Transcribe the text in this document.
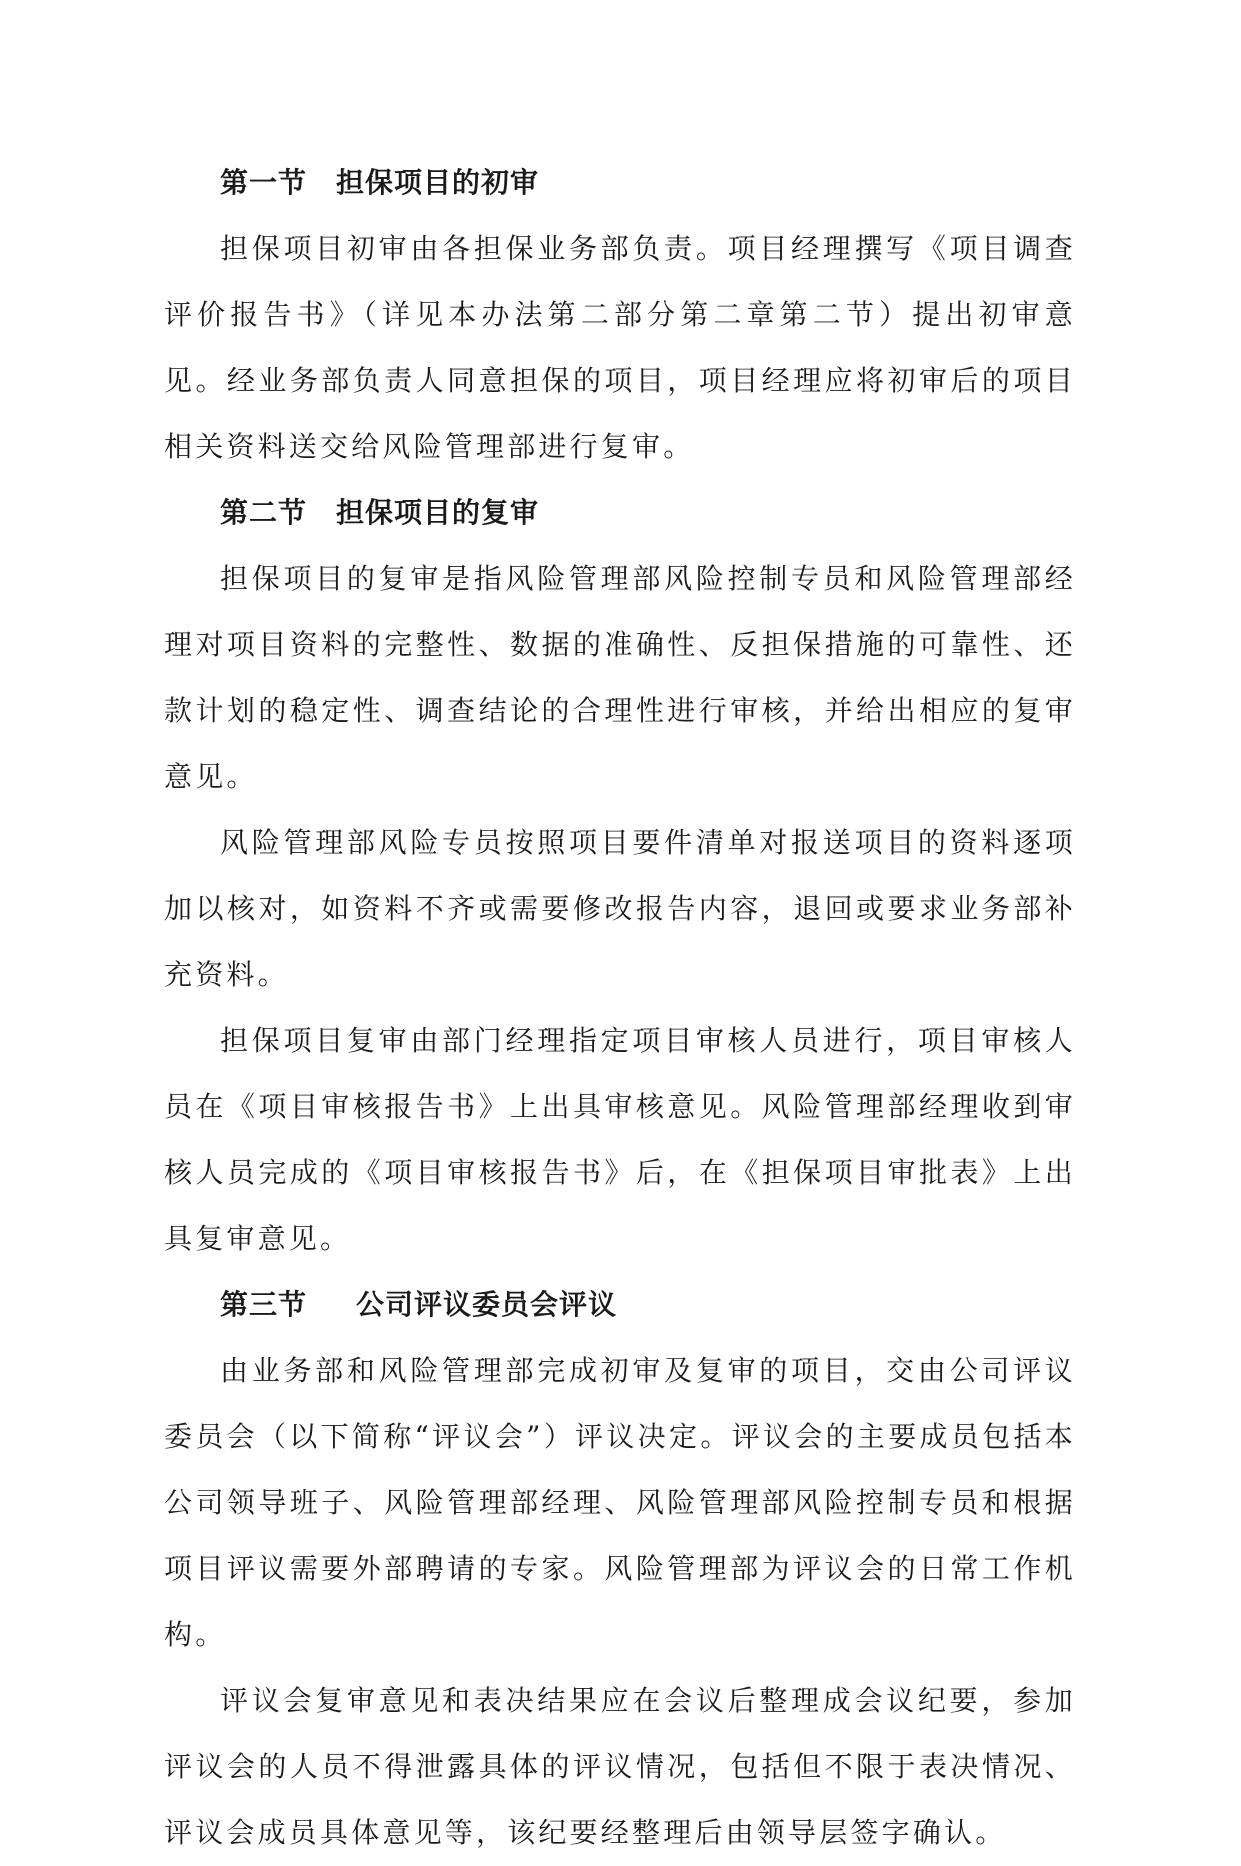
第一节 担保项目的初审

担保项目初审由各担保业务部负责。项目经理撰写《项目调查评价报告书》（详见本办法第二部分第二章第二节）提出初审意见。经业务部负责人同意担保的项目，项目经理应将初审后的项目相关资料送交给风险管理部进行复审。

第二节 担保项目的复审

担保项目的复审是指风险管理部风险控制专员和风险管理部经理对项目资料的完整性、数据的准确性、反担保措施的可靠性、还款计划的稳定性、调查结论的合理性进行审核，并给出相应的复审意见。

风险管理部风险专员按照项目要件清单对报送项目的资料逐项加以核对，如资料不齐或需要修改报告内容，退回或要求业务部补充资料。

担保项目复审由部门经理指定项目审核人员进行，项目审核人员在《项目审核报告书》上出具审核意见。风险管理部经理收到审核人员完成的《项目审核报告书》后，在《担保项目审批表》上出具复审意见。

第三节 公司评议委员会评议

由业务部和风险管理部完成初审及复审的项目，交由公司评议委员会（以下简称“评议会”）评议决定。评议会的主要成员包括本公司领导班子、风险管理部经理、风险管理部风险控制专员和根据项目评议需要外部聘请的专家。风险管理部为评议会的日常工作机构。

评议会复审意见和表决结果应在会议后整理成会议纪要，参加评议会的人员不得泄露具体的评议情况，包括但不限于表决情况、评议会成员具体意见等，该纪要经整理后由领导层签字确认。
